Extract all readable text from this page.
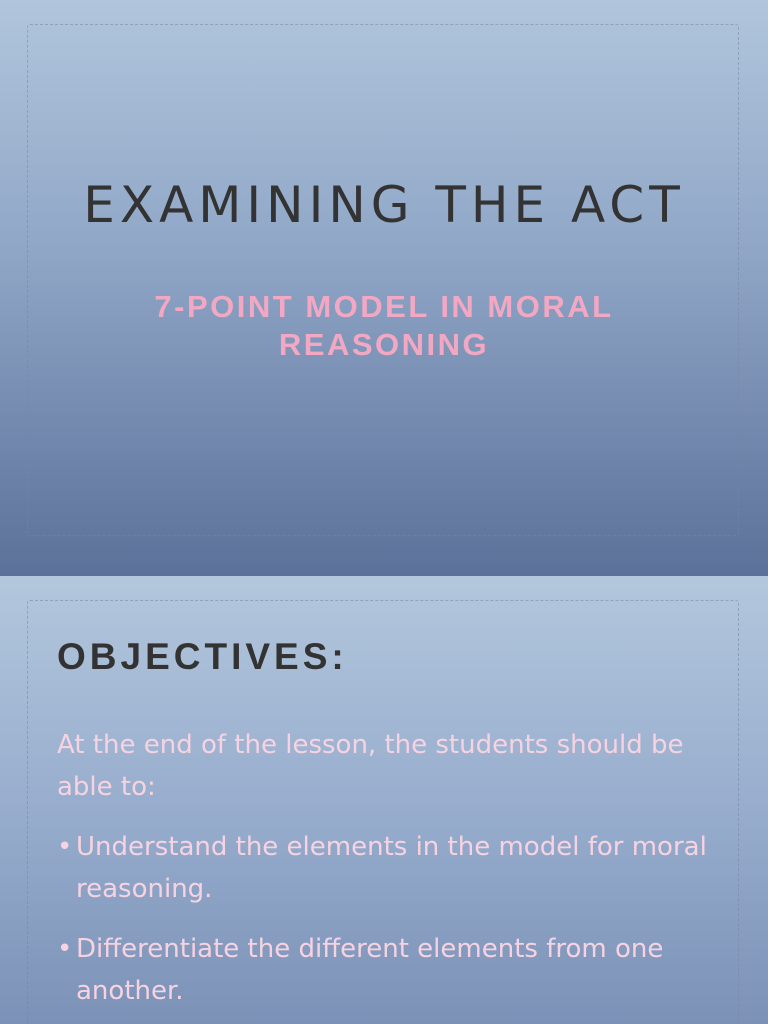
EXAMINING THE ACT
7-POINT MODEL IN MORAL REASONING
OBJECTIVES:

At the end of the lesson, the students should be able to:

• Understand the elements in the model for moral reasoning.
• Differentiate the different elements from one another.
